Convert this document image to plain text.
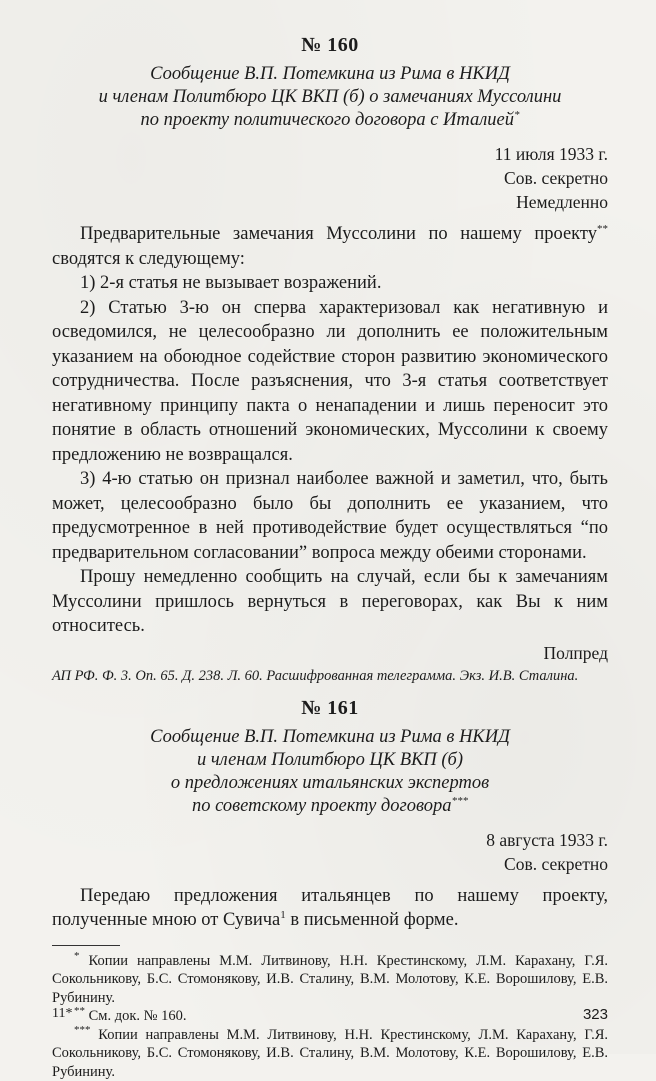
№ 160
Сообщение В.П. Потемкина из Рима в НКИД
и членам Политбюро ЦК ВКП (б) о замечаниях Муссолини
по проекту политического договора с Италией*
11 июля 1933 г.
Сов. секретно
Немедленно

Предварительные замечания Муссолини по нашему проекту** сводятся к следующему:

1) 2-я статья не вызывает возражений.

2) Статью 3-ю он сперва характеризовал как негативную и осведомился, не целесообразно ли дополнить ее положительным указанием на обоюдное содействие сторон развитию экономического сотрудничества. После разъяснения, что 3-я статья соответствует негативному принципу пакта о ненападении и лишь переносит это понятие в область отношений экономических, Муссолини к своему предложению не возвращался.

3) 4-ю статью он признал наиболее важной и заметил, что, быть может, целесообразно было бы дополнить ее указанием, что предусмотренное в ней противодействие будет осуществляться “по предварительном согласовании” вопроса между обеими сторонами.

Прошу немедленно сообщить на случай, если бы к замечаниям Муссолини пришлось вернуться в переговорах, как Вы к ним относитесь.

Полпред
АП РФ. Ф. 3. Оп. 65. Д. 238. Л. 60. Расшифрованная телеграмма. Экз. И.В. Сталина.
№ 161
Сообщение В.П. Потемкина из Рима в НКИД
и членам Политбюро ЦК ВКП (б)
о предложениях итальянских экспертов
по советскому проекту договора***
8 августа 1933 г.
Сов. секретно

Передаю предложения итальянцев по нашему проекту, полученные мною от Сувича$^1$ в письменной форме.

* Копии направлены М.М. Литвинову, Н.Н. Крестинскому, Л.М. Карахану, Г.Я. Сокольникову, Б.С. Стомонякову, И.В. Сталину, В.М. Молотову, К.Е. Ворошилову, Е.В. Рубинину.

** См. док. № 160.

*** Копии направлены М.М. Литвинову, Н.Н. Крестинскому, Л.М. Карахану, Г.Я. Сокольникову, Б.С. Стомонякову, И.В. Сталину, В.М. Молотову, К.Е. Ворошилову, Е.В. Рубинину.

11*	323
